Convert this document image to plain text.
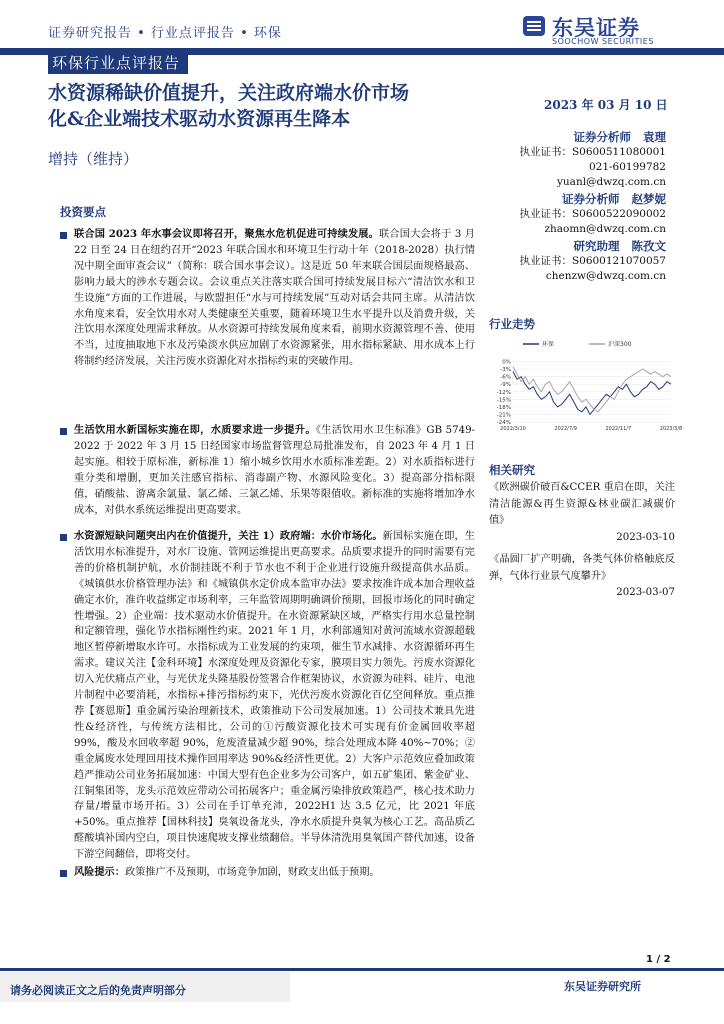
证券研究报告 • 行业点评报告 • 环保	东吴证券
SOOCHOW SECURITIES
环保行业点评报告
水资源稀缺价值提升，关注政府端水价市场
化&企业端技术驱动水资源再生降本
增持（维持）
2023 年 03 月 10 日
证券分析师 袁理
执业证书：S0600511080001
021-60199782
yuanl@dwzq.com.cn
证券分析师 赵梦妮
执业证书：S0600522090002
zhaomn@dwzq.com.cn
研究助理 陈孜文
执业证书：S0600121070057
chenzw@dwzq.com.cn
投资要点
联合国 2023 年水事会议即将召开，聚焦水危机促进可持续发展。联合国大会将于 3 月 22 日至 24 日在纽约召开“2023 年联合国水和环境卫生行动十年（2018-2028）执行情况中期全面审查会议”（简称：联合国水事会议）。这是近 50 年来联合国层面规格最高、影响力最大的涉水专题会议。会议重点关注落实联合国可持续发展目标六“清洁饮水和卫生设施”方面的工作进展，与欧盟担任“水与可持续发展”互动对话会共同主席。从清洁饮水角度来看，安全饮用水对人类健康至关重要，随着环境卫生水平提升以及消费升级，关注饮用水深度处理需求释放。从水资源可持续发展角度来看，前期水资源管理不善、使用不当，过度抽取地下水及污染淡水供应加剧了水资源紧张，用水指标紧缺、用水成本上行将制约经济发展，关注污废水资源化对水指标约束的突破作用。
生活饮用水新国标实施在即，水质要求进一步提升。《生活饮用水卫生标准》GB 5749-2022 于 2022 年 3 月 15 日经国家市场监督管理总局批准发布，自 2023 年 4 月 1 日起实施。相较于原标准，新标准 1）缩小城乡饮用水水质标准差距。2）对水质指标进行重分类和增删，更加关注感官指标、消毒副产物、水源风险变化。3）提高部分指标限值，硝酸盐、游离余氯量、氯乙烯、三氯乙烯、乐果等限值收。新标准的实施将增加净水成本，对供水系统运维提出更高要求。
水资源短缺问题突出内在价值提升，关注 1）政府端：水价市场化。新国标实施在即，生活饮用水标准提升，对水厂设施、管网运维提出更高要求。品质要求提升的同时需要有完善的价格机制护航，水价制挂既不利于节水也不利于企业进行设施升级提高供水品质。《城镇供水价格管理办法》和《城镇供水定价成本监审办法》要求按准许成本加合理收益确定水价，准许收益绑定市场利率，三年监管周期明确调价预期，回报市场化的同时确定性增强。2）企业端：技术驱动水价值提升。在水资源紧缺区域，严格实行用水总量控制和定额管理，强化节水指标刚性约束。2021 年 1 月，水利部通知对黄河流域水资源超载地区暂停新增取水许可。水指标成为工业发展的约束项，催生节水减排、水资源循环再生需求。建议关注【金科环境】水深度处理及资源化专家，膜项目实力领先。污废水资源化切入光伏痛点产业，与光伏龙头隆基股份签署合作框架协议，水资源为硅料、硅片、电池片制程中必要消耗，水指标+排污指标约束下，光伏污废水资源化百亿空间释放。重点推荐【赛恩斯】重金属污染治理新技术，政策推动下公司发展加速。1）公司技术兼具先进性&经济性，与传统方法相比，公司的①污酸资源化技术可实现有价金属回收率超 99%，酸及水回收率超 90%，危废渣量减少超 90%，综合处理成本降 40%~70%；②重金属废水处理回用技术操作回用率达 90%&经济性更优。2）大客户示范效应叠加政策趋严推动公司业务拓展加速：中国大型有色企业多为公司客户，如五矿集团、紫金矿业、江铜集团等，龙头示范效应带动公司拓展客户；重金属污染排放政策趋严，核心技术助力存量/增量市场开拓。3）公司在手订单充沛，2022H1 达 3.5 亿元，比 2021 年底+50%。重点推荐【国林科技】臭氧设备龙头，净水水质提升臭氧为核心工艺。高品质乙醛酸填补国内空白，项目快速爬坡支撑业绩翻倍。半导体清洗用臭氧国产替代加速，设备下游空间翻倍，即将交付。
风险提示：政策推广不及预期，市场竞争加剧，财政支出低于预期。
行业走势
0%
-3%
-6%
-9%
-12%
-15%
-18%
-21%
-24%
2022/3/10	2022/7/9	2022/11/7	2023/3/8
环保	沪深300
相关研究
《欧洲碳价破百&CCER 重启在即，关注清洁能源&再生资源&林业碳汇减碳价值》
2023-03-10
《晶圆厂扩产明确，各类气体价格触底反弹，气体行业景气度攀升》
2023-03-07
1 / 2
请务必阅读正文之后的免责声明部分	东吴证券研究所
